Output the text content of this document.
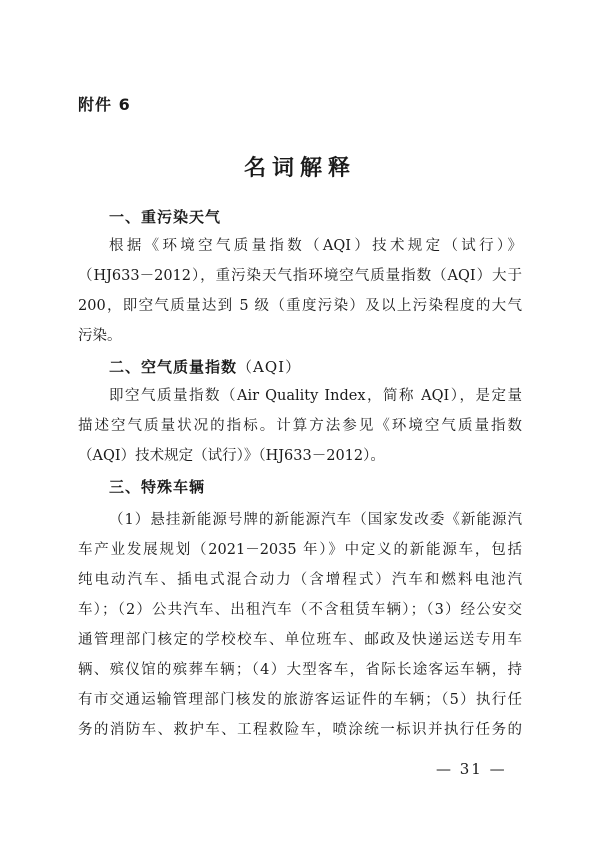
附件 6
名词解释
一、重污染天气
根据《环境空气质量指数（AQI）技术规定（试行）》
（HJ633－2012），重污染天气指环境空气质量指数（AQI）大于
200，即空气质量达到 5 级（重度污染）及以上污染程度的大气
污染。
二、空气质量指数（AQI）
即空气质量指数（Air Quality Index，简称 AQI），是定量
描述空气质量状况的指标。计算方法参见《环境空气质量指数
（AQI）技术规定（试行）》（HJ633－2012）。
三、特殊车辆
（1）悬挂新能源号牌的新能源汽车（国家发改委《新能源汽
车产业发展规划（2021－2035 年）》中定义的新能源车，包括
纯电动汽车、插电式混合动力（含增程式）汽车和燃料电池汽
车）；（2）公共汽车、出租汽车（不含租赁车辆）；（3）经公安交
通管理部门核定的学校校车、单位班车、邮政及快递运送专用车
辆、殡仪馆的殡葬车辆；（4）大型客车，省际长途客运车辆，持
有市交通运输管理部门核发的旅游客运证件的车辆；（5）执行任
务的消防车、救护车、工程救险车，喷涂统一标识并执行任务的
— 31 —
